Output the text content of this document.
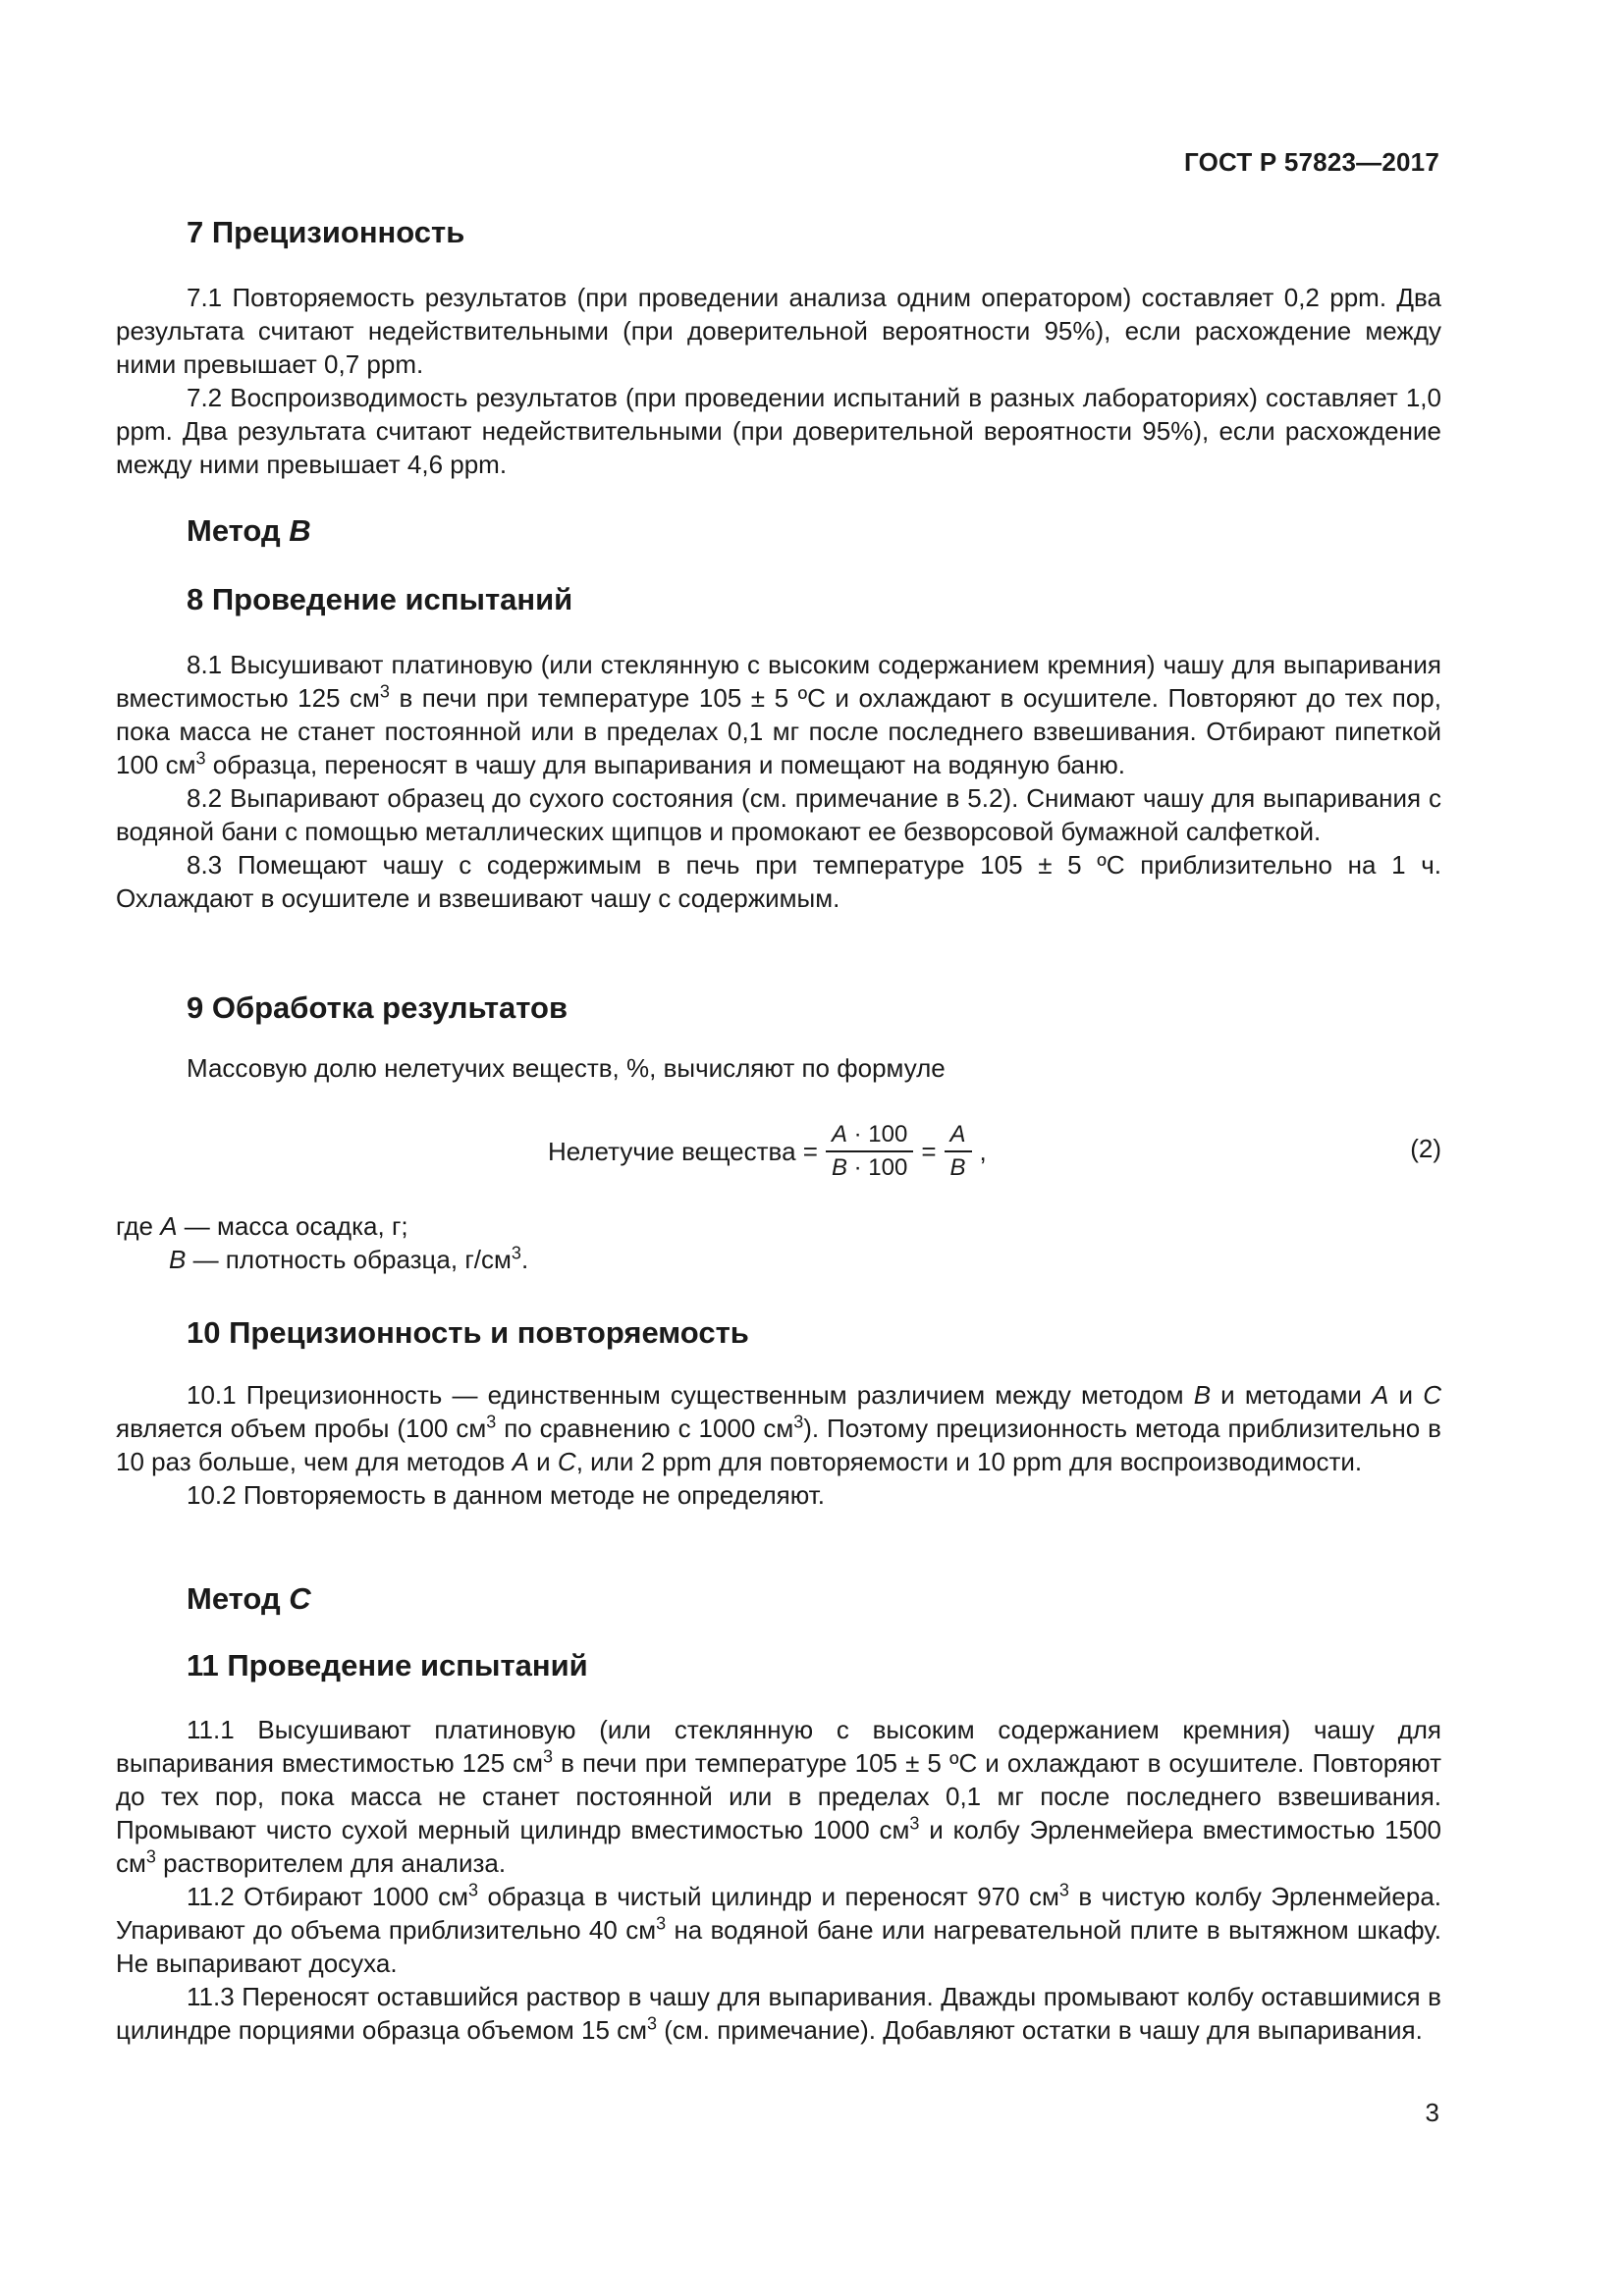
ГОСТ Р 57823—2017
7 Прецизионность

7.1 Повторяемость результатов (при проведении анализа одним оператором) составляет 0,2 ppm. Два результата считают недействительными (при доверительной вероятности 95%), если расхождение между ними превышает 0,7 ppm.

7.2 Воспроизводимость результатов (при проведении испытаний в разных лабораториях) составляет 1,0 ppm. Два результата считают недействительными (при доверительной вероятности 95%), если расхождение между ними превышает 4,6 ppm.

Метод B
8 Проведение испытаний

8.1 Высушивают платиновую (или стеклянную с высоким содержанием кремния) чашу для выпаривания вместимостью 125 $см^3$ в печи при температуре 105 ± 5 ºC и охлаждают в осушителе. Повторяют до тех пор, пока масса не станет постоянной или в пределах 0,1 мг после последнего взвешивания. Отбирают пипеткой 100 $см^3$ образца, переносят в чашу для выпаривания и помещают на водяную баню.

8.2 Выпаривают образец до сухого состояния (см. примечание в 5.2). Снимают чашу для выпаривания с водяной бани с помощью металлических щипцов и промокают ее безворсовой бумажной салфеткой.

8.3 Помещают чашу с содержимым в печь при температуре 105 ± 5 ºC приблизительно на 1 ч. Охлаждают в осушителе и взвешивают чашу с содержимым.

9 Обработка результатов

Массовую долю нелетучих веществ, %, вычисляют по формуле

Нелетучие вещества = $\frac{A \cdot 100}{B \cdot 100} = \frac{A}{B}$ ,	(2)

где A — масса осадка, г;

B — плотность образца, $г/см^3$.

10 Прецизионность и повторяемость

10.1 Прецизионность — единственным существенным различием между методом B и методами A и C является объем пробы (100 $см^3$ по сравнению с 1000 $см^3$). Поэтому прецизионность метода приблизительно в 10 раз больше, чем для методов A и C, или 2 ppm для повторяемости и 10 ppm для воспроизводимости.

10.2 Повторяемость в данном методе не определяют.

Метод C
11 Проведение испытаний

11.1 Высушивают платиновую (или стеклянную с высоким содержанием кремния) чашу для выпаривания вместимостью 125 $см^3$ в печи при температуре 105 ± 5 ºC и охлаждают в осушителе. Повторяют до тех пор, пока масса не станет постоянной или в пределах 0,1 мг после последнего взвешивания. Промывают чисто сухой мерный цилиндр вместимостью 1000 $см^3$ и колбу Эрленмейера вместимостью 1500 $см^3$ растворителем для анализа.

11.2 Отбирают 1000 $см^3$ образца в чистый цилиндр и переносят 970 $см^3$ в чистую колбу Эрленмейера. Упаривают до объема приблизительно 40 $см^3$ на водяной бане или нагревательной плите в вытяжном шкафу. Не выпаривают досуха.

11.3 Переносят оставшийся раствор в чашу для выпаривания. Дважды промывают колбу оставшимися в цилиндре порциями образца объемом 15 $см^3$ (см. примечание). Добавляют остатки в чашу для выпаривания.

3
